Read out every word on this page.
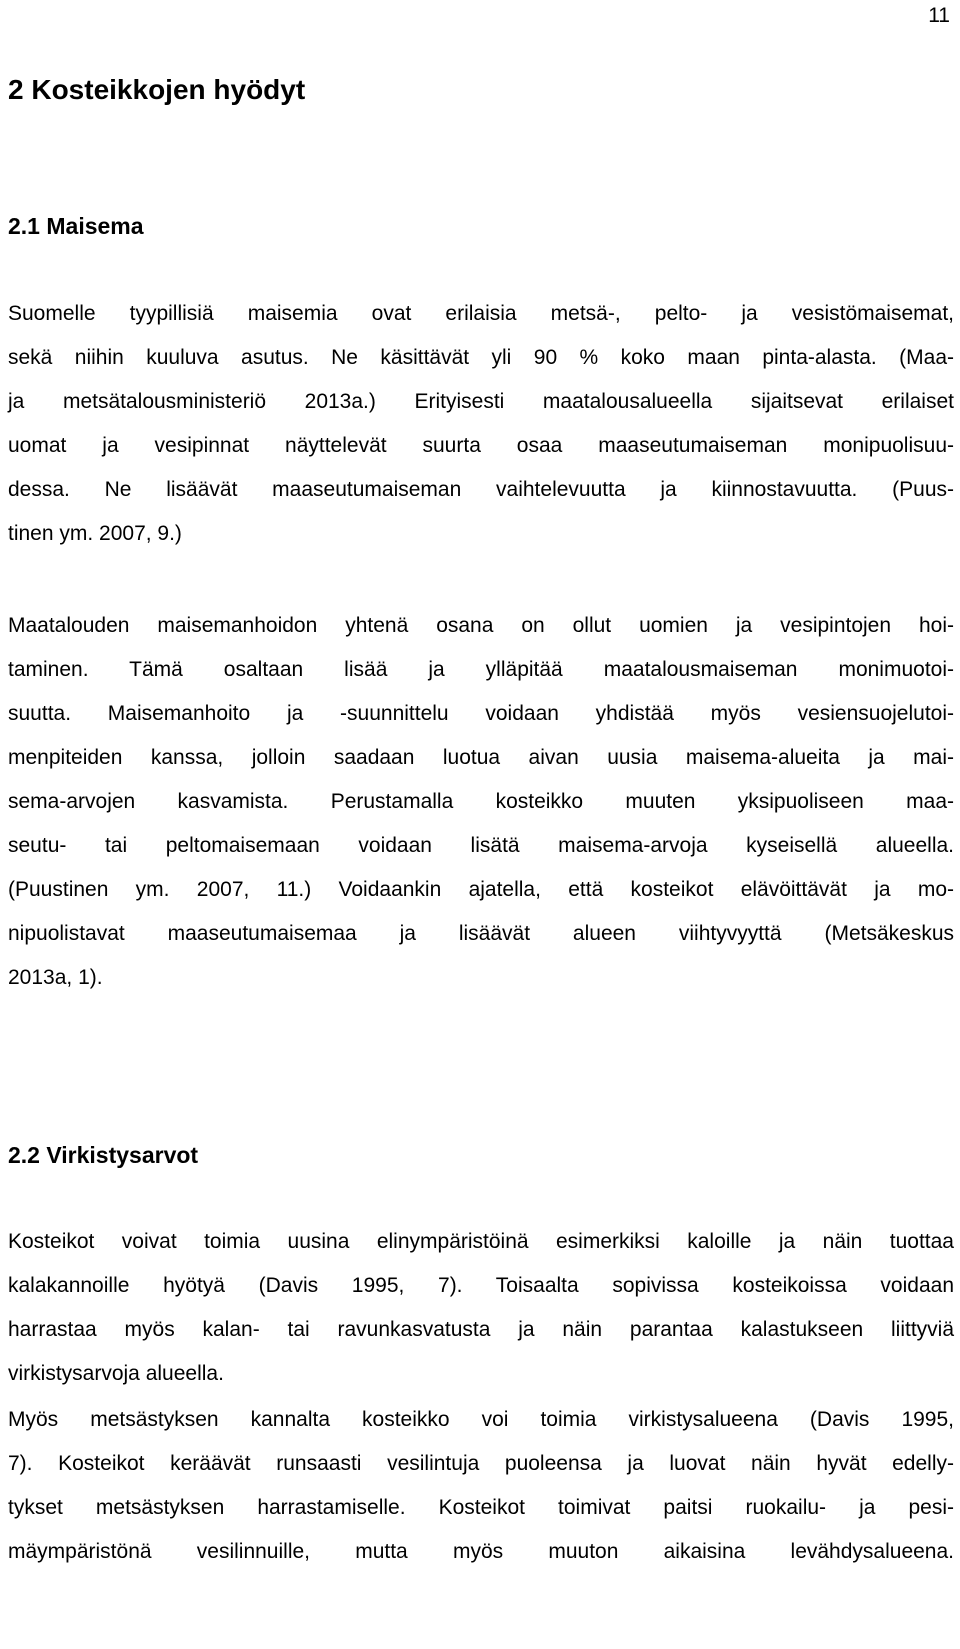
11
2 Kosteikkojen hyödyt
2.1 Maisema
Suomelle tyypillisiä maisemia ovat erilaisia metsä-, pelto- ja vesistömaisemat,
sekä niihin kuuluva asutus. Ne käsittävät yli 90 % koko maan pinta-alasta. (Maa-
ja metsätalousministeriö 2013a.) Erityisesti maatalousalueella sijaitsevat erilaiset
uomat ja vesipinnat näyttelevät suurta osaa maaseutumaiseman monipuolisuu-
dessa. Ne lisäävät maaseutumaiseman vaihtelevuutta ja kiinnostavuutta. (Puus-
tinen ym. 2007, 9.)
Maatalouden maisemanhoidon yhtenä osana on ollut uomien ja vesipintojen hoi-
taminen. Tämä osaltaan lisää ja ylläpitää maatalousmaiseman monimuotoi-
suutta. Maisemanhoito ja -suunnittelu voidaan yhdistää myös vesiensuojelutoi-
menpiteiden kanssa, jolloin saadaan luotua aivan uusia maisema-alueita ja mai-
sema-arvojen kasvamista. Perustamalla kosteikko muuten yksipuoliseen maa-
seutu- tai peltomaisemaan voidaan lisätä maisema-arvoja kyseisellä alueella.
(Puustinen ym. 2007, 11.) Voidaankin ajatella, että kosteikot elävöittävät ja mo-
nipuolistavat maaseutumaisemaa ja lisäävät alueen viihtyvyyttä (Metsäkeskus
2013a, 1).
2.2 Virkistysarvot
Kosteikot voivat toimia uusina elinympäristöinä esimerkiksi kaloille ja näin tuottaa
kalakannoille hyötyä (Davis 1995, 7). Toisaalta sopivissa kosteikoissa voidaan
harrastaa myös kalan- tai ravunkasvatusta ja näin parantaa kalastukseen liittyviä
virkistysarvoja alueella.
Myös metsästyksen kannalta kosteikko voi toimia virkistysalueena (Davis 1995,
7). Kosteikot keräävät runsaasti vesilintuja puoleensa ja luovat näin hyvät edelly-
tykset metsästyksen harrastamiselle. Kosteikot toimivat paitsi ruokailu- ja pesi-
mäympäristönä vesilinnuille, mutta myös muuton aikaisina levähdysalueena.
